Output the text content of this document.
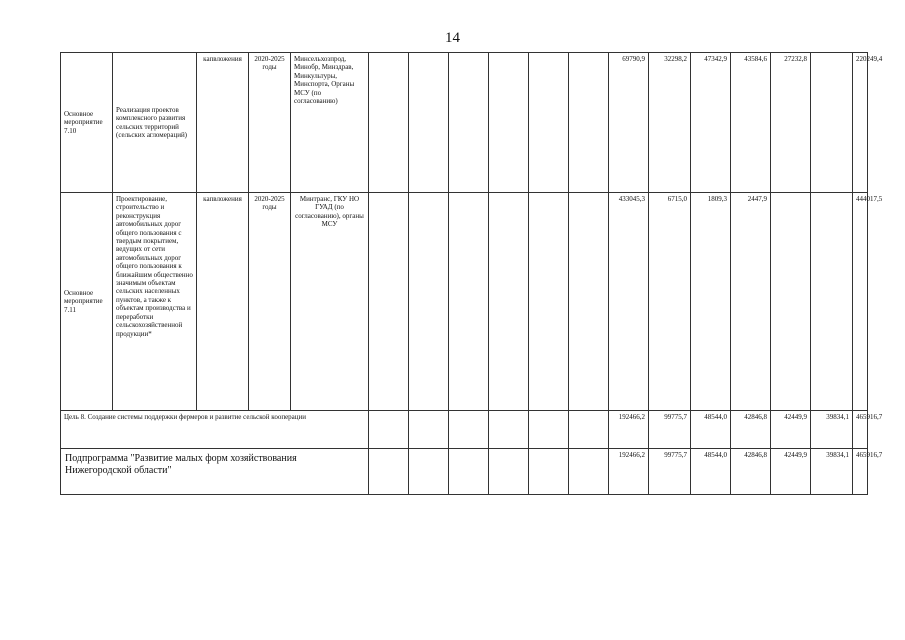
14
Основное мероприятие 7.10	Реализация проектов комплексного развития сельских территорий (сельских агломераций)	капвложения	2020-2025 годы	Минсельхозпрод, Минобр, Минздрав, Минкультуры, Минспорта, Органы МСУ (по согласованию)							69790,9	32298,2	47342,9	43584,6	27232,8		220249,4
Основное мероприятие 7.11	Проектирование, строительство и реконструкция автомобильных дорог общего пользования с твердым покрытием, ведущих от сети автомобильных дорог общего пользования к ближайшим общественно значимым объектам сельских населенных пунктов, а также к объектам производства и переработки сельскохозяйственной продукции*	капвложения	2020-2025 годы	Минтранс, ГКУ НО ГУАД (по согласованию), органы МСУ							433045,3	6715,0	1809,3	2447,9			444017,5
Цель 8. Создание системы поддержки фермеров и развитие сельской кооперации											192466,2	99775,7	48544,0	42846,8	42449,9	39834,1	465916,7
Подпрограмма "Развитие малых форм хозяйствования Нижегородской области"											192466,2	99775,7	48544,0	42846,8	42449,9	39834,1	465916,7
